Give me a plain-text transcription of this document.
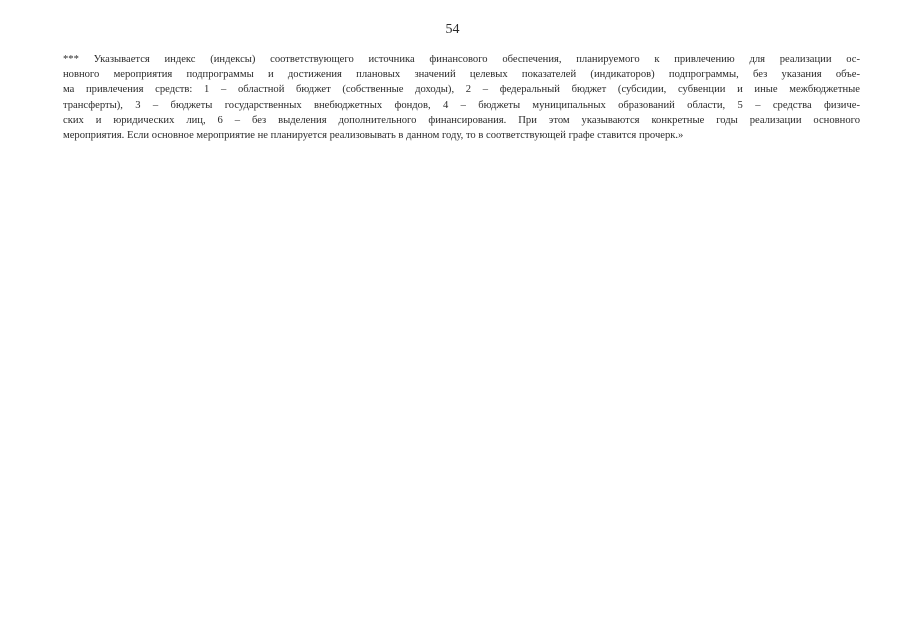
54

*** Указывается индекс (индексы) соответствующего источника финансового обеспечения, планируемого к привлечению для реализации ос-
новного мероприятия подпрограммы и достижения плановых значений целевых показателей (индикаторов) подпрограммы, без указания объе-
ма привлечения средств: 1 – областной бюджет (собственные доходы), 2 – федеральный бюджет (субсидии, субвенции и иные межбюджетные
трансферты), 3 – бюджеты государственных внебюджетных фондов, 4 – бюджеты муниципальных образований области, 5 – средства физиче-
ских и юридических лиц, 6 – без выделения дополнительного финансирования. При этом указываются конкретные годы реализации основного
мероприятия. Если основное мероприятие не планируется реализовывать в данном году, то в соответствующей графе ставится прочерк.»
